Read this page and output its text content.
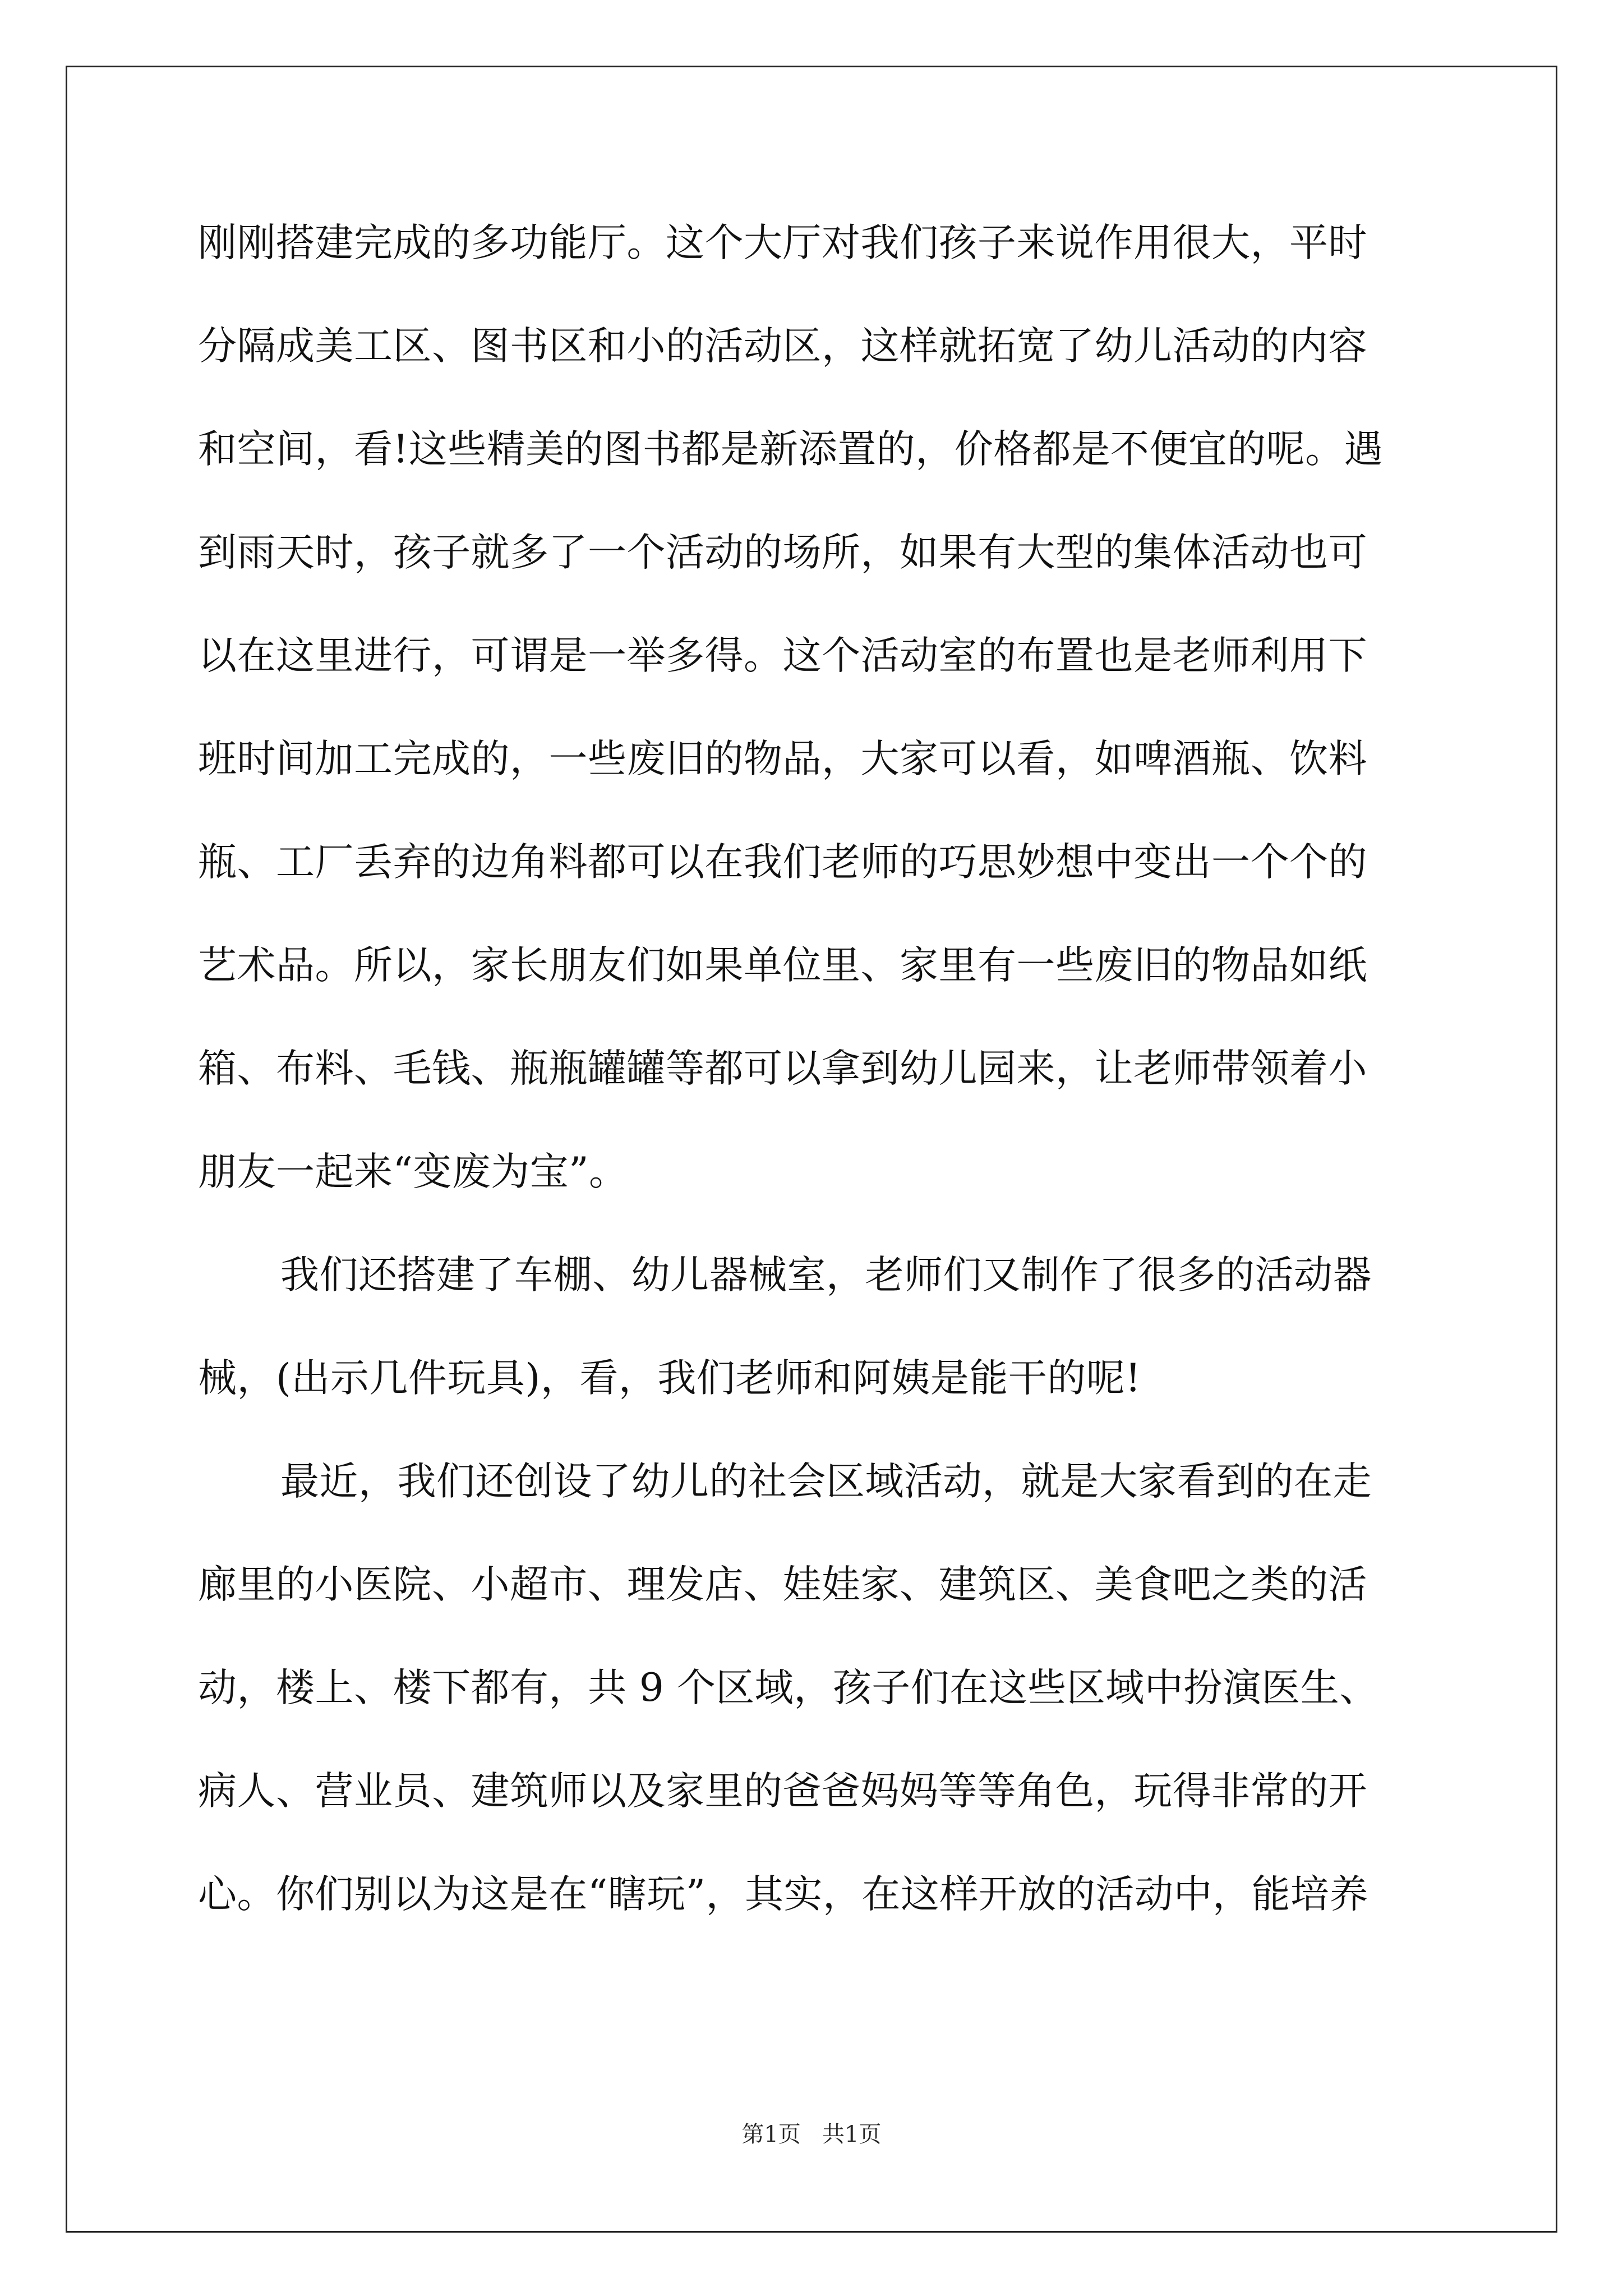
刚刚搭建完成的多功能厅。这个大厅对我们孩子来说作用很大，平时
分隔成美工区、图书区和小的活动区，这样就拓宽了幼儿活动的内容
和空间，看!这些精美的图书都是新添置的，价格都是不便宜的呢。遇
到雨天时，孩子就多了一个活动的场所，如果有大型的集体活动也可
以在这里进行，可谓是一举多得。这个活动室的布置也是老师利用下
班时间加工完成的，一些废旧的物品，大家可以看，如啤酒瓶、饮料
瓶、工厂丢弃的边角料都可以在我们老师的巧思妙想中变出一个个的
艺术品。所以，家长朋友们如果单位里、家里有一些废旧的物品如纸
箱、布料、毛钱、瓶瓶罐罐等都可以拿到幼儿园来，让老师带领着小
朋友一起来“变废为宝”。
我们还搭建了车棚、幼儿器械室，老师们又制作了很多的活动器
械，(出示几件玩具)，看，我们老师和阿姨是能干的呢!
最近，我们还创设了幼儿的社会区域活动，就是大家看到的在走
廊里的小医院、小超市、理发店、娃娃家、建筑区、美食吧之类的活
动，楼上、楼下都有，共 9 个区域，孩子们在这些区域中扮演医生、
病人、营业员、建筑师以及家里的爸爸妈妈等等角色，玩得非常的开
心。你们别以为这是在“瞎玩”，其实，在这样开放的活动中，能培养
第1页   共1页
